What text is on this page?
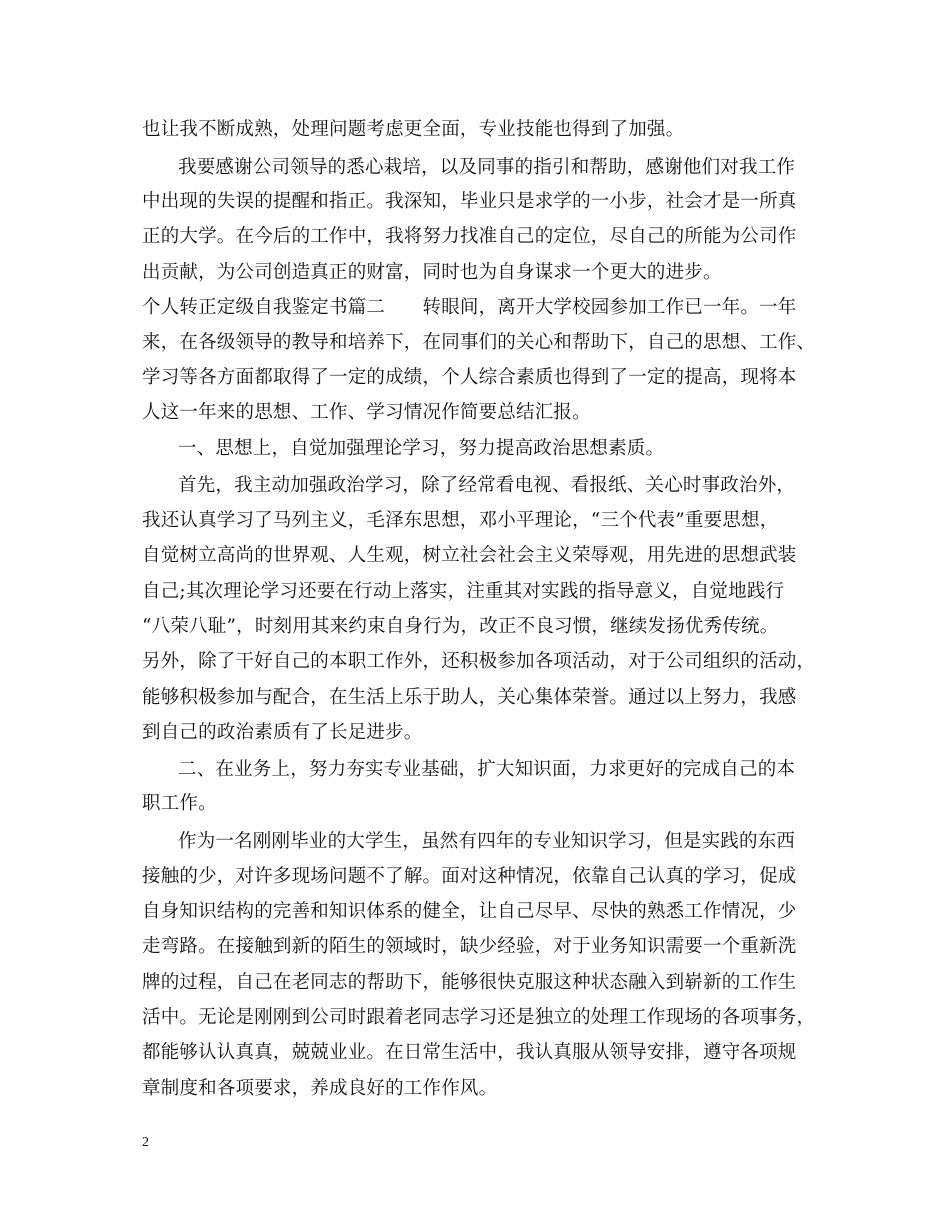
也让我不断成熟，处理问题考虑更全面，专业技能也得到了加强。
我要感谢公司领导的悉心栽培，以及同事的指引和帮助，感谢他们对我工作
中出现的失误的提醒和指正。我深知，毕业只是求学的一小步，社会才是一所真
正的大学。在今后的工作中，我将努力找准自己的定位，尽自己的所能为公司作
出贡献，为公司创造真正的财富，同时也为自身谋求一个更大的进步。
个人转正定级自我鉴定书篇二　　转眼间，离开大学校园参加工作已一年。一年
来，在各级领导的教导和培养下，在同事们的关心和帮助下，自己的思想、工作、
学习等各方面都取得了一定的成绩，个人综合素质也得到了一定的提高，现将本
人这一年来的思想、工作、学习情况作简要总结汇报。
一、思想上，自觉加强理论学习，努力提高政治思想素质。
首先，我主动加强政治学习，除了经常看电视、看报纸、关心时事政治外，
我还认真学习了马列主义，毛泽东思想，邓小平理论，“三个代表”重要思想，
自觉树立高尚的世界观、人生观，树立社会社会主义荣辱观，用先进的思想武装
自己;其次理论学习还要在行动上落实，注重其对实践的指导意义，自觉地践行
“八荣八耻”，时刻用其来约束自身行为，改正不良习惯，继续发扬优秀传统。
另外，除了干好自己的本职工作外，还积极参加各项活动，对于公司组织的活动，
能够积极参加与配合，在生活上乐于助人，关心集体荣誉。通过以上努力，我感
到自己的政治素质有了长足进步。
二、在业务上，努力夯实专业基础，扩大知识面，力求更好的完成自己的本
职工作。
作为一名刚刚毕业的大学生，虽然有四年的专业知识学习，但是实践的东西
接触的少，对许多现场问题不了解。面对这种情况，依靠自己认真的学习，促成
自身知识结构的完善和知识体系的健全，让自己尽早、尽快的熟悉工作情况，少
走弯路。在接触到新的陌生的领域时，缺少经验，对于业务知识需要一个重新洗
牌的过程，自己在老同志的帮助下，能够很快克服这种状态融入到崭新的工作生
活中。无论是刚刚到公司时跟着老同志学习还是独立的处理工作现场的各项事务，
都能够认认真真，兢兢业业。在日常生活中，我认真服从领导安排，遵守各项规
章制度和各项要求，养成良好的工作作风。
2
